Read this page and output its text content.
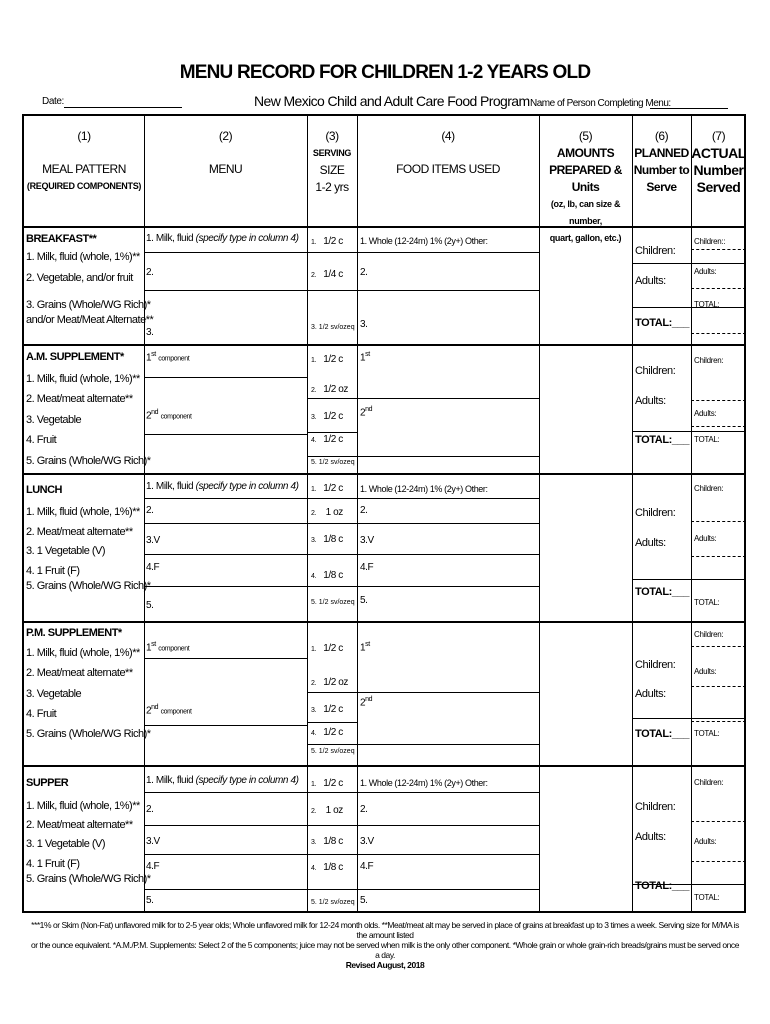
MENU RECORD FOR CHILDREN 1-2 YEARS OLD
Date:	New Mexico Child and Adult Care Food Program Name of Person Completing Menu:
(1)
MEAL PATTERN
(REQUIRED COMPONENTS)
(2)
MENU
(3)
SERVING
SIZE
1-2 yrs
(4)
FOOD ITEMS USED
(5)
AMOUNTS
PREPARED & Units
(oz, lb, can size & number,
quart, gallon, etc.)
(6)
PLANNED
Number to
Serve
(7)
ACTUAL
Number
Served
BREAKFAST**
1. Milk, fluid (whole, 1%)**
2. Vegetable, and/or fruit
3. Grains (Whole/WG Rich)*
and/or Meat/Meat Alternate**
1. Milk, fluid (specify type in column 4)
2.
3.
1. 1/2 c
2. 1/4 c
3. 1/2 sv/ozeq
1. Whole (12-24m) 1% (2y+) Other:
2.
3.
Children:
Adults:
TOTAL:___
Children::
Adults:
TOTAL:
A.M. SUPPLEMENT*
1. Milk, fluid (whole, 1%)**
2. Meat/meat alternate**
3. Vegetable
4. Fruit
5. Grains (Whole/WG Rich)*
1st component
2nd component
1. 1/2 c
2. 1/2 oz
3. 1/2 c
4. 1/2 c
5. 1/2 sv/ozeq
1st
2nd
Children:
Adults:
TOTAL:___
Children:
Adults:
TOTAL:
LUNCH
1. Milk, fluid (whole, 1%)**
2. Meat/meat alternate**
3. 1 Vegetable (V)
4. 1 Fruit (F)
5. Grains (Whole/WG Rich)*
1. Milk, fluid (specify type in column 4)
2.
3.V
4.F
5.
1. 1/2 c
2. 1 oz
3. 1/8 c
4. 1/8 c
5. 1/2 sv/ozeq
1. Whole (12-24m) 1% (2y+) Other:
2.
3.V
4.F
5.
Children:
Adults:
TOTAL:___
Children:
Adults:
TOTAL:
P.M. SUPPLEMENT*
1. Milk, fluid (whole, 1%)**
2. Meat/meat alternate**
3. Vegetable
4. Fruit
5. Grains (Whole/WG Rich)*
1st component
2nd component
1. 1/2 c
2. 1/2 oz
3. 1/2 c
4. 1/2 c
5. 1/2 sv/ozeq
1st
2nd
Children:
Adults:
TOTAL:___
Children:
Adults:
TOTAL:
SUPPER
1. Milk, fluid (whole, 1%)**
2. Meat/meat alternate**
3. 1 Vegetable (V)
4. 1 Fruit (F)
5. Grains (Whole/WG Rich)*
1. Milk, fluid (specify type in column 4)
2.
3.V
4.F
5.
1. 1/2 c
2. 1 oz
3. 1/8 c
4. 1/8 c
5. 1/2 sv/ozeq
1. Whole (12-24m) 1% (2y+) Other:
2.
3.V
4.F
5.
Children:
Adults:
TOTAL:___
Children:
Adults:
TOTAL:
***1% or Skim (Non-Fat) unflavored milk for to 2-5 year olds; Whole unflavored milk for 12-24 month olds. **Meat/meat alt may be served in place of grains at breakfast up to 3 times a week. Serving size for M/MA is the amount listed
or the ounce equivalent. *A.M./P.M. Supplements: Select 2 of the 5 components; juice may not be served when milk is the only other component. *Whole grain or whole grain-rich breads/grains must be served once a day.
Revised August, 2018
